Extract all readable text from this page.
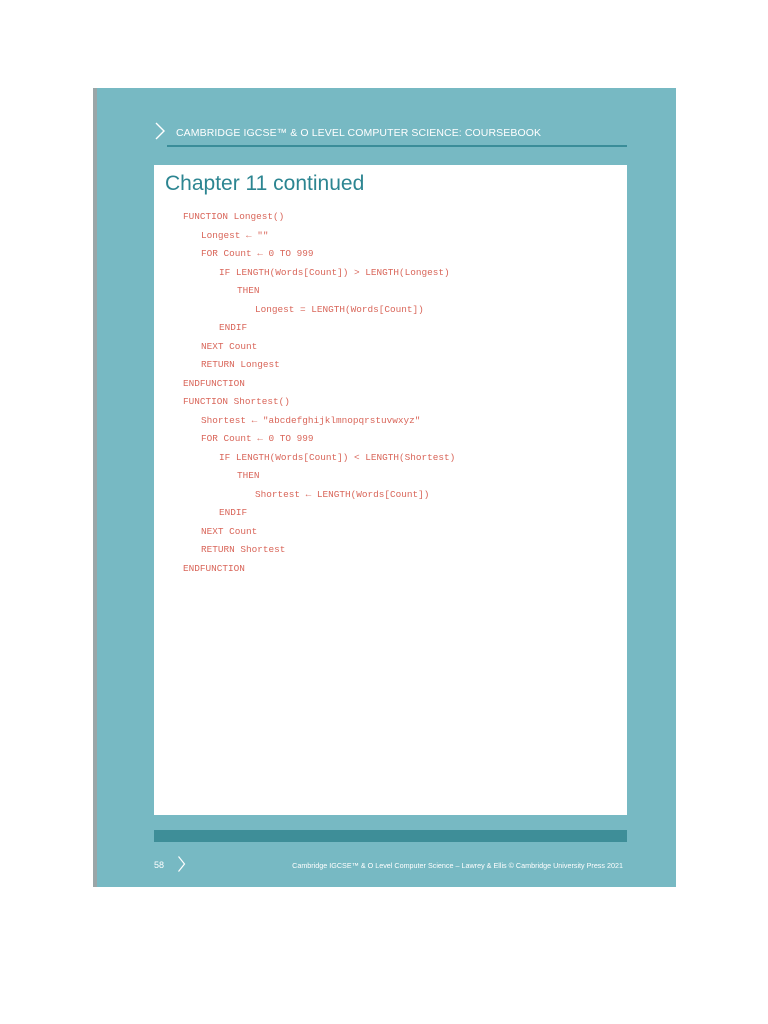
CAMBRIDGE IGCSE™ & O LEVEL COMPUTER SCIENCE: COURSEBOOK
Chapter 11 continued
FUNCTION Longest()
Longest ← ""
FOR Count ← 0 TO 999
IF LENGTH(Words[Count]) > LENGTH(Longest)
THEN
Longest = LENGTH(Words[Count])
ENDIF
NEXT Count
RETURN Longest
ENDFUNCTION
FUNCTION Shortest()
Shortest ← "abcdefghijklmnopqrstuvwxyz"
FOR Count ← 0 TO 999
IF LENGTH(Words[Count]) < LENGTH(Shortest)
THEN
Shortest ← LENGTH(Words[Count])
ENDIF
NEXT Count
RETURN Shortest
ENDFUNCTION
58	Cambridge IGCSE™ & O Level Computer Science – Lawrey & Ellis © Cambridge University Press 2021
